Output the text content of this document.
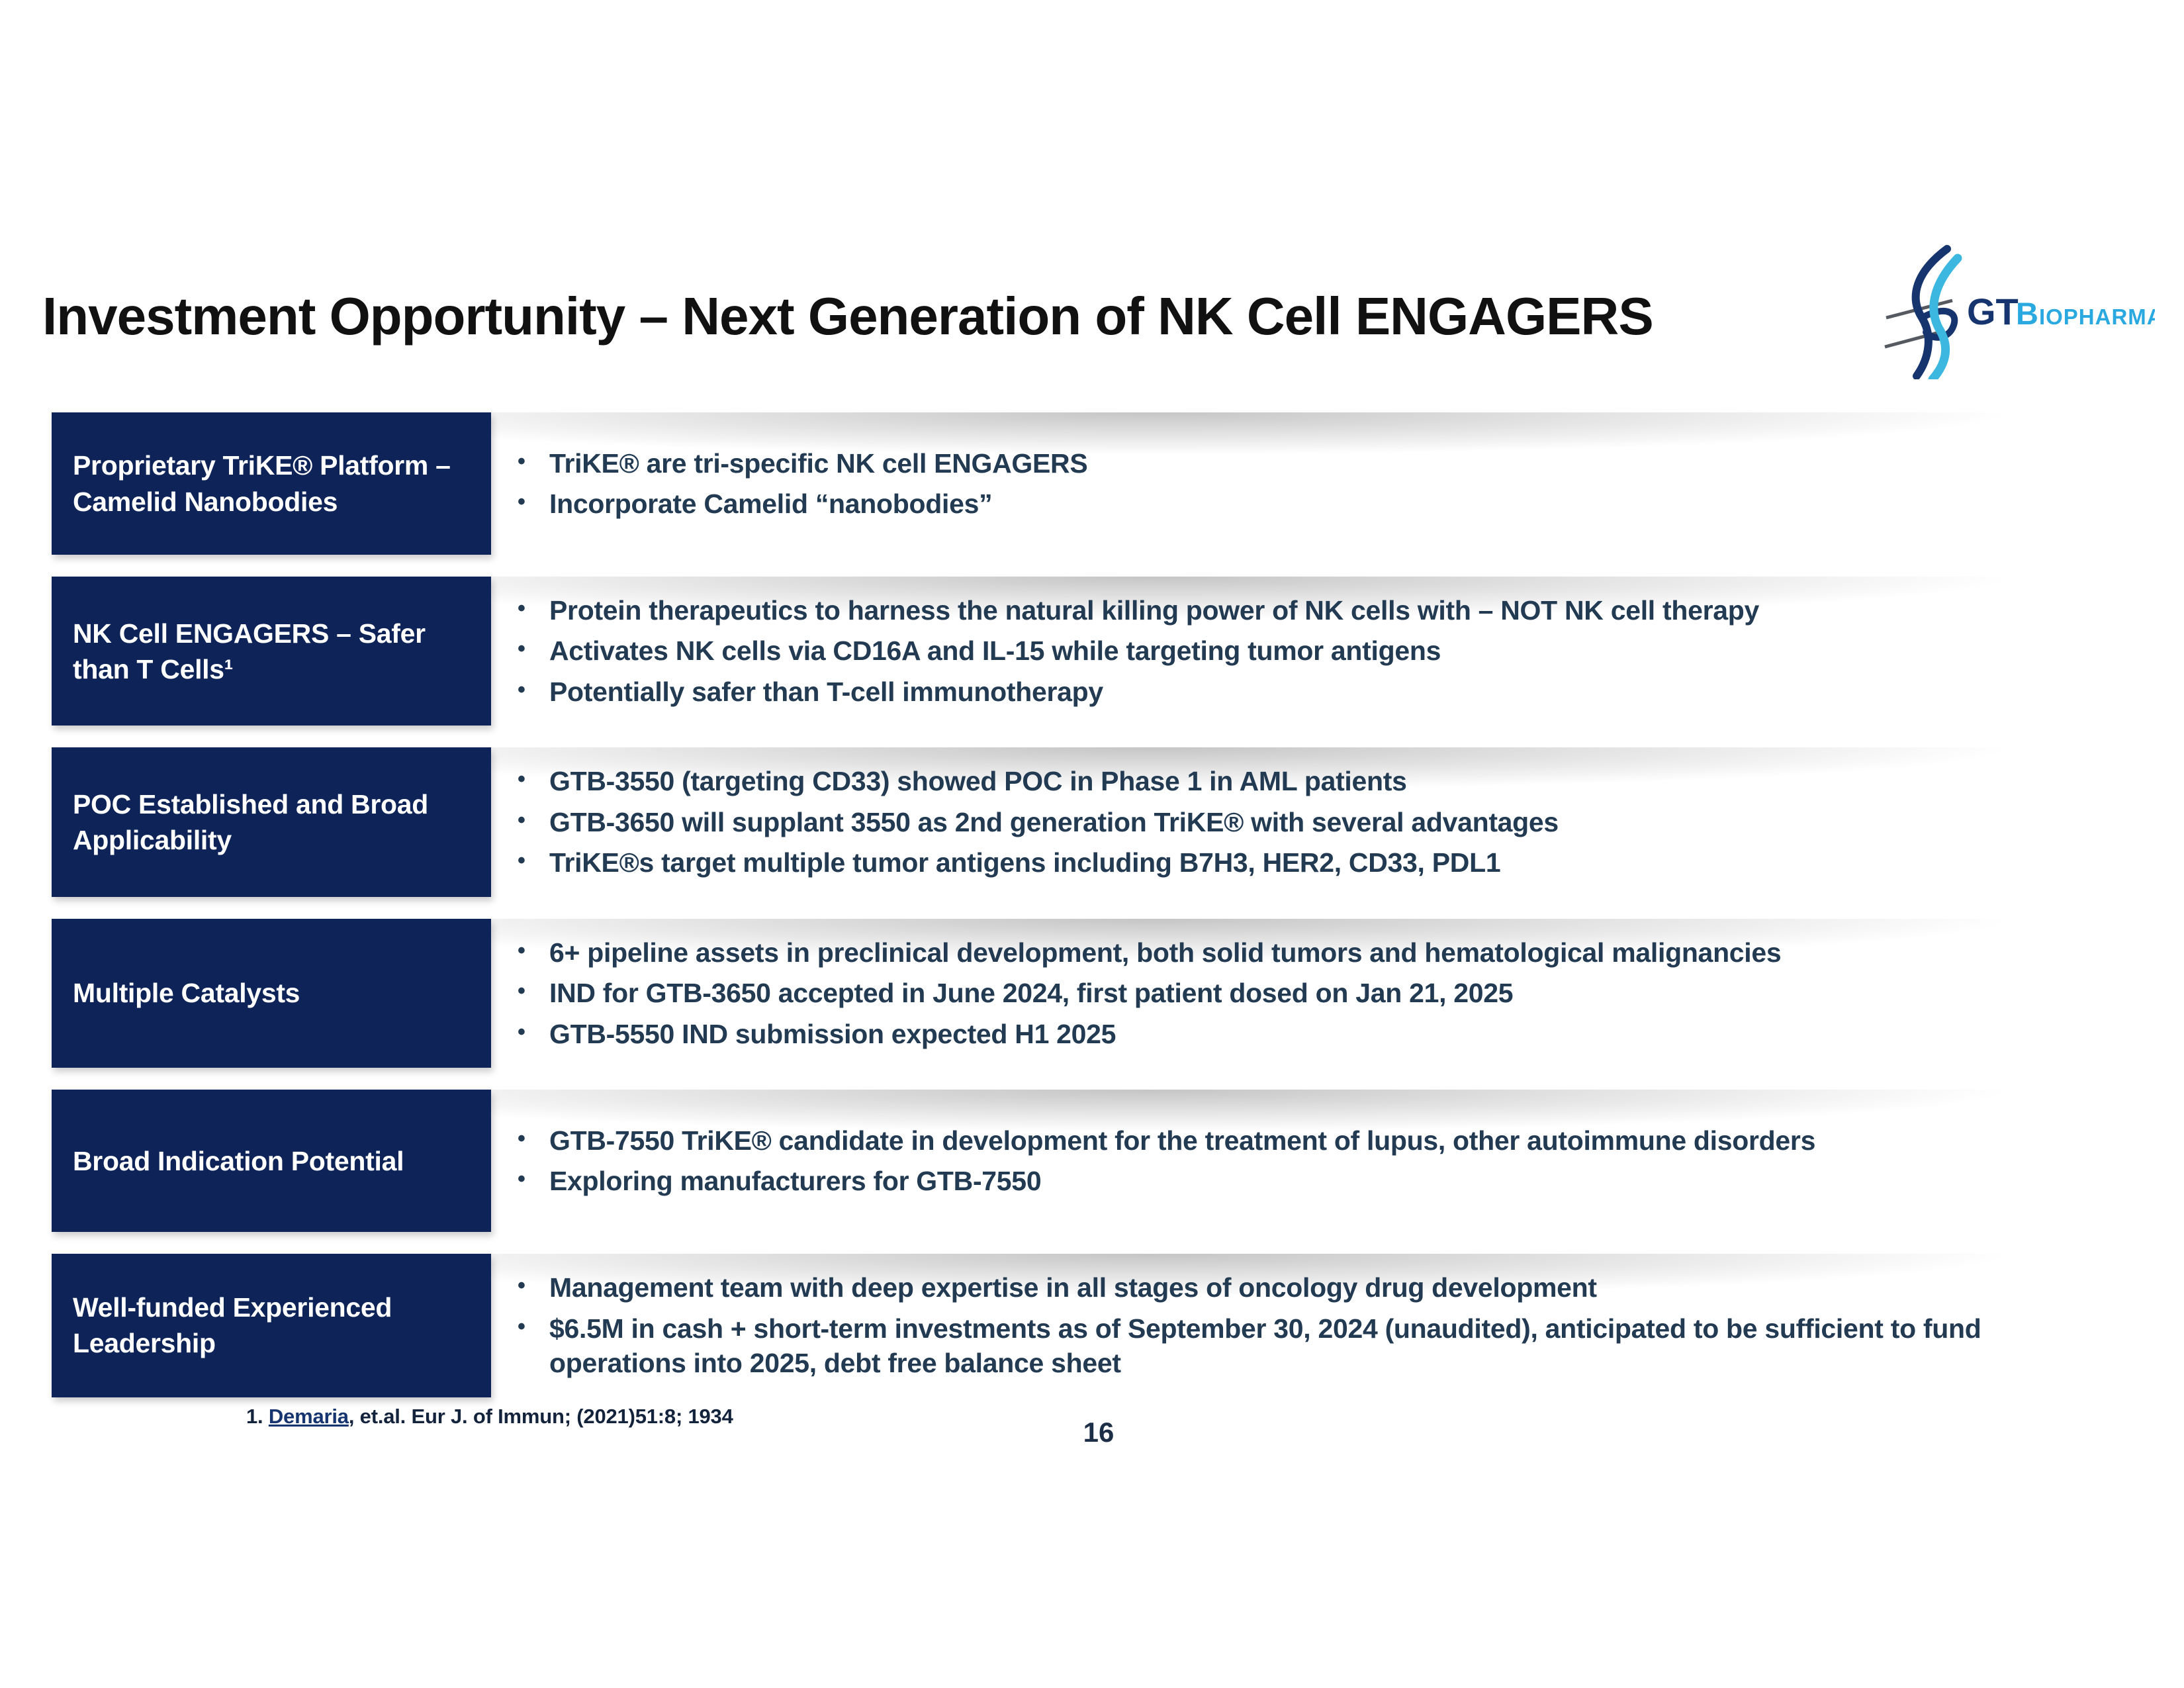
Investment Opportunity – Next Generation of NK Cell ENGAGERS	GT
Biopharma
Proprietary TriKE® Platform – Camelid Nanobodies
• TriKE® are tri-specific NK cell ENGAGERS
• Incorporate Camelid “nanobodies”
NK Cell ENGAGERS – Safer than T Cells¹
• Protein therapeutics to harness the natural killing power of NK cells with – NOT NK cell therapy
• Activates NK cells via CD16A and IL-15 while targeting tumor antigens
• Potentially safer than T-cell immunotherapy
POC Established and Broad Applicability
• GTB-3550 (targeting CD33) showed POC in Phase 1 in AML patients
• GTB-3650 will supplant 3550 as 2nd generation TriKE® with several advantages
• TriKE®s target multiple tumor antigens including B7H3, HER2, CD33, PDL1
Multiple Catalysts
• 6+ pipeline assets in preclinical development, both solid tumors and hematological malignancies
• IND for GTB-3650 accepted in June 2024, first patient dosed on Jan 21, 2025
• GTB-5550 IND submission expected H1 2025
Broad Indication Potential
• GTB-7550 TriKE® candidate in development for the treatment of lupus, other autoimmune disorders
• Exploring manufacturers for GTB-7550
Well-funded Experienced Leadership
• Management team with deep expertise in all stages of oncology drug development
• $6.5M in cash + short-term investments as of September 30, 2024 (unaudited), anticipated to be sufficient to fund operations into 2025, debt free balance sheet
1. Demaria, et.al. Eur J. of Immun; (2021)51:8; 1934
16
